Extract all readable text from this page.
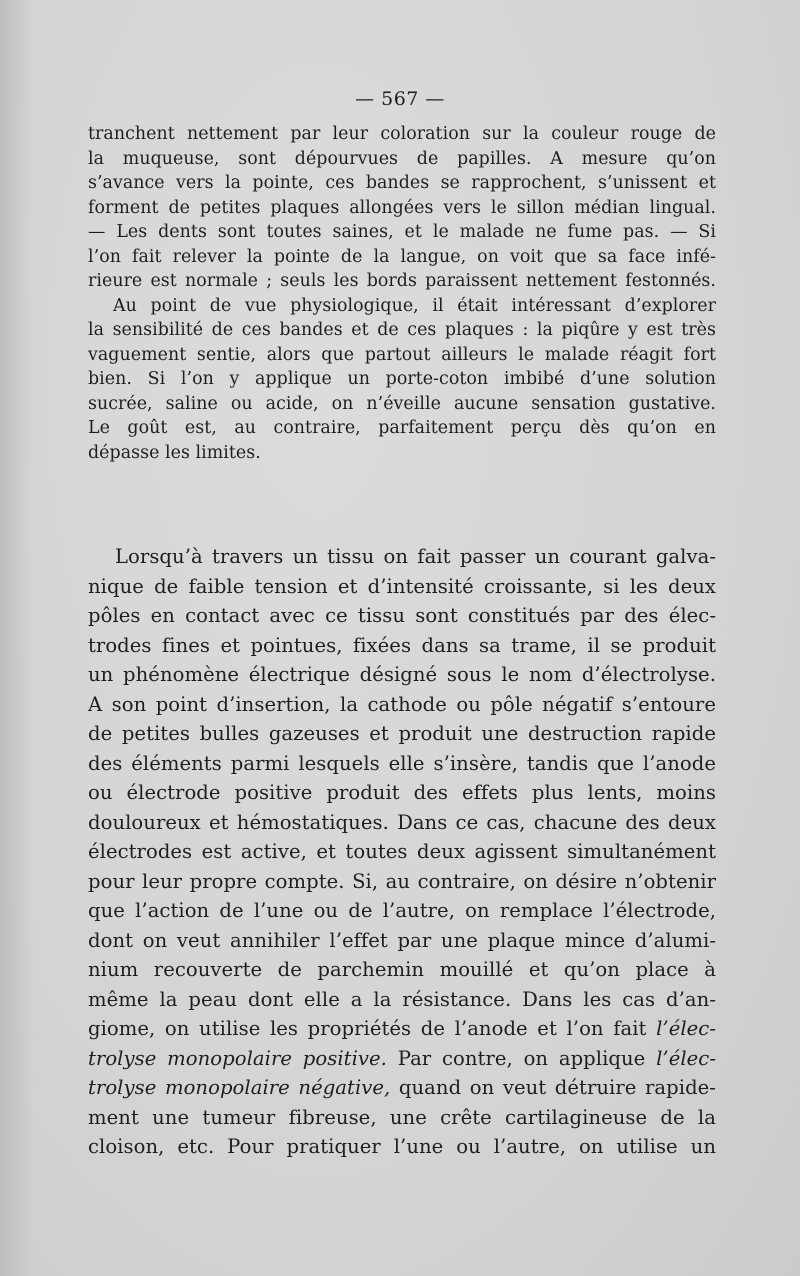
— 567 —
tranchent nettement par leur coloration sur la couleur rouge de
la muqueuse, sont dépourvues de papilles. A mesure qu’on
s’avance vers la pointe, ces bandes se rapprochent, s’unissent et
forment de petites plaques allongées vers le sillon médian lingual.
— Les dents sont toutes saines, et le malade ne fume pas. — Si
l’on fait relever la pointe de la langue, on voit que sa face infé-
rieure est normale ; seuls les bords paraissent nettement festonnés.
Au point de vue physiologique, il était intéressant d’explorer
la sensibilité de ces bandes et de ces plaques : la piqûre y est très
vaguement sentie, alors que partout ailleurs le malade réagit fort
bien. Si l’on y applique un porte-coton imbibé d’une solution
sucrée, saline ou acide, on n’éveille aucune sensation gustative.
Le goût est, au contraire, parfaitement perçu dès qu’on en
dépasse les limites.
Lorsqu’à travers un tissu on fait passer un courant galva-
nique de faible tension et d’intensité croissante, si les deux
pôles en contact avec ce tissu sont constitués par des élec-
trodes fines et pointues, fixées dans sa trame, il se produit
un phénomène électrique désigné sous le nom d’électrolyse.
A son point d’insertion, la cathode ou pôle négatif s’entoure
de petites bulles gazeuses et produit une destruction rapide
des éléments parmi lesquels elle s’insère, tandis que l’anode
ou électrode positive produit des effets plus lents, moins
douloureux et hémostatiques. Dans ce cas, chacune des deux
électrodes est active, et toutes deux agissent simultanément
pour leur propre compte. Si, au contraire, on désire n’obtenir
que l’action de l’une ou de l’autre, on remplace l’électrode,
dont on veut annihiler l’effet par une plaque mince d’alumi-
nium recouverte de parchemin mouillé et qu’on place à
même la peau dont elle a la résistance. Dans les cas d’an-
giome, on utilise les propriétés de l’anode et l’on fait l’élec-
trolyse monopolaire positive. Par contre, on applique l’élec-
trolyse monopolaire négative, quand on veut détruire rapide-
ment une tumeur fibreuse, une crête cartilagineuse de la
cloison, etc. Pour pratiquer l’une ou l’autre, on utilise un
